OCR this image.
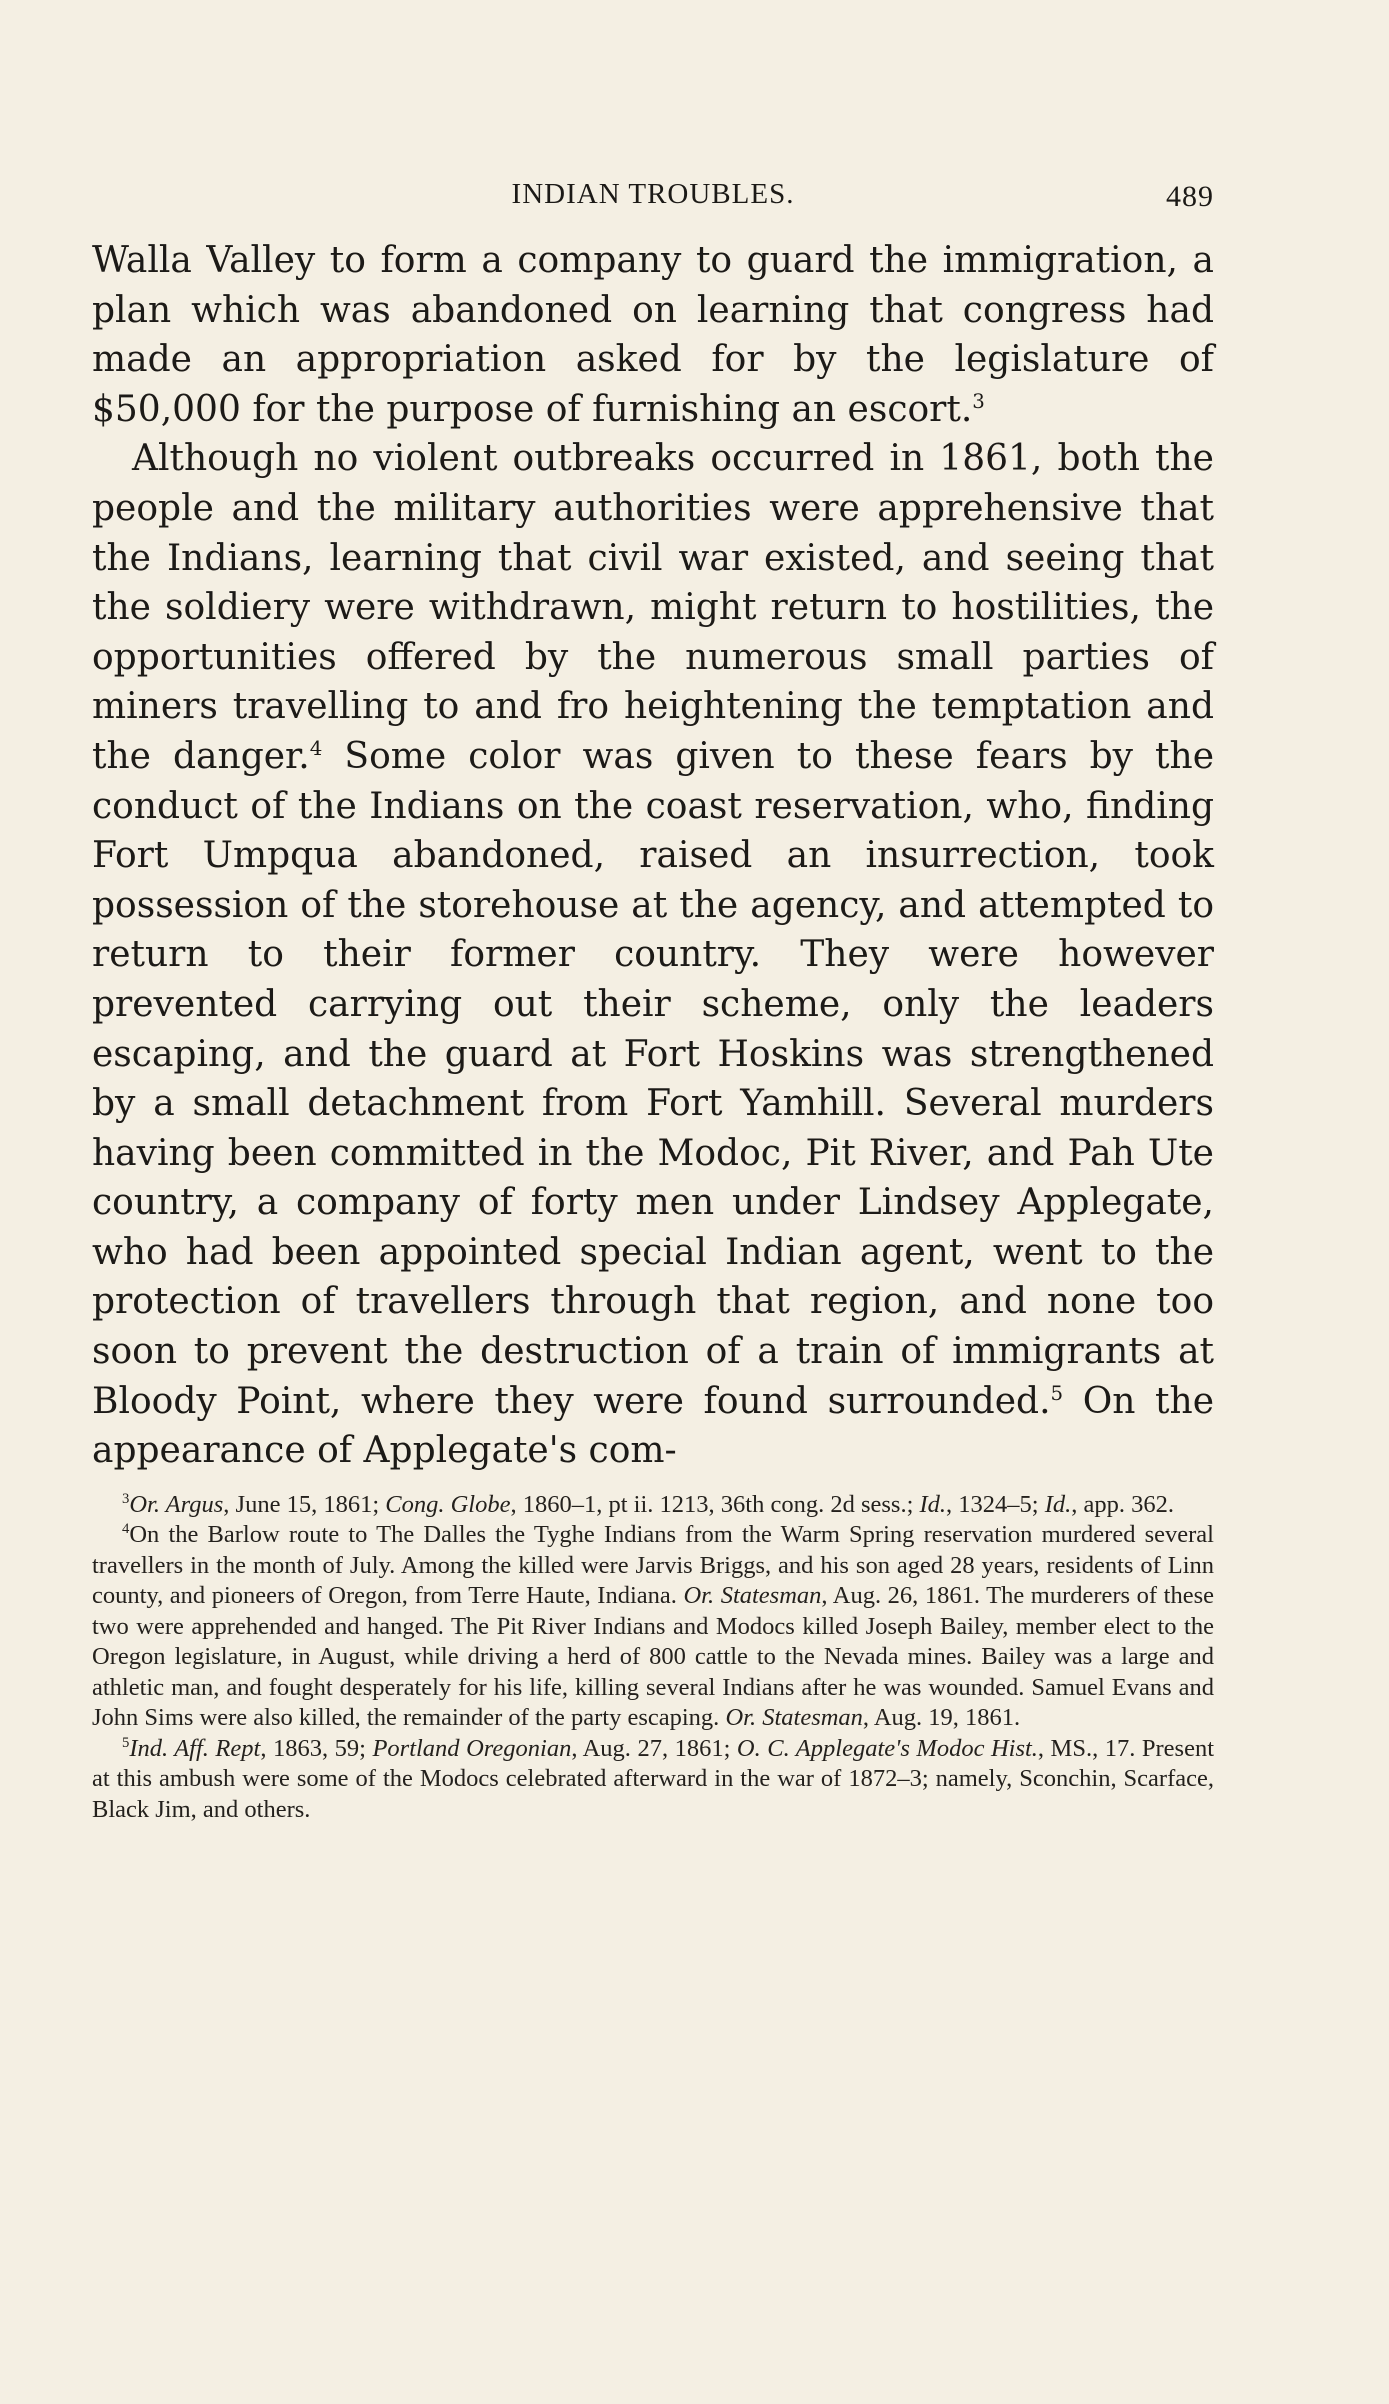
INDIAN TROUBLES.	489

Walla Valley to form a company to guard the immigration, a plan which was abandoned on learning that congress had made an appropriation asked for by the legislature of $50,000 for the purpose of furnishing an escort.$^3$

Although no violent outbreaks occurred in 1861, both the people and the military authorities were apprehensive that the Indians, learning that civil war existed, and seeing that the soldiery were withdrawn, might return to hostilities, the opportunities offered by the numerous small parties of miners travelling to and fro heightening the temptation and the danger.$^4$ Some color was given to these fears by the conduct of the Indians on the coast reservation, who, finding Fort Umpqua abandoned, raised an insurrection, took possession of the storehouse at the agency, and attempted to return to their former country. They were however prevented carrying out their scheme, only the leaders escaping, and the guard at Fort Hoskins was strengthened by a small detachment from Fort Yamhill. Several murders having been committed in the Modoc, Pit River, and Pah Ute country, a company of forty men under Lindsey Applegate, who had been appointed special Indian agent, went to the protection of travellers through that region, and none too soon to prevent the destruction of a train of immigrants at Bloody Point, where they were found surrounded.$^5$ On the appearance of Applegate's com-

$^3$Or. Argus, June 15, 1861; Cong. Globe, 1860–1, pt ii. 1213, 36th cong. 2d sess.; Id., 1324–5; Id., app. 362.

$^4$On the Barlow route to The Dalles the Tyghe Indians from the Warm Spring reservation murdered several travellers in the month of July. Among the killed were Jarvis Briggs, and his son aged 28 years, residents of Linn county, and pioneers of Oregon, from Terre Haute, Indiana. Or. Statesman, Aug. 26, 1861. The murderers of these two were apprehended and hanged. The Pit River Indians and Modocs killed Joseph Bailey, member elect to the Oregon legislature, in August, while driving a herd of 800 cattle to the Nevada mines. Bailey was a large and athletic man, and fought desperately for his life, killing several Indians after he was wounded. Samuel Evans and John Sims were also killed, the remainder of the party escaping. Or. Statesman, Aug. 19, 1861.

$^5$Ind. Aff. Rept, 1863, 59; Portland Oregonian, Aug. 27, 1861; O. C. Applegate's Modoc Hist., MS., 17. Present at this ambush were some of the Modocs celebrated afterward in the war of 1872–3; namely, Sconchin, Scarface, Black Jim, and others.
